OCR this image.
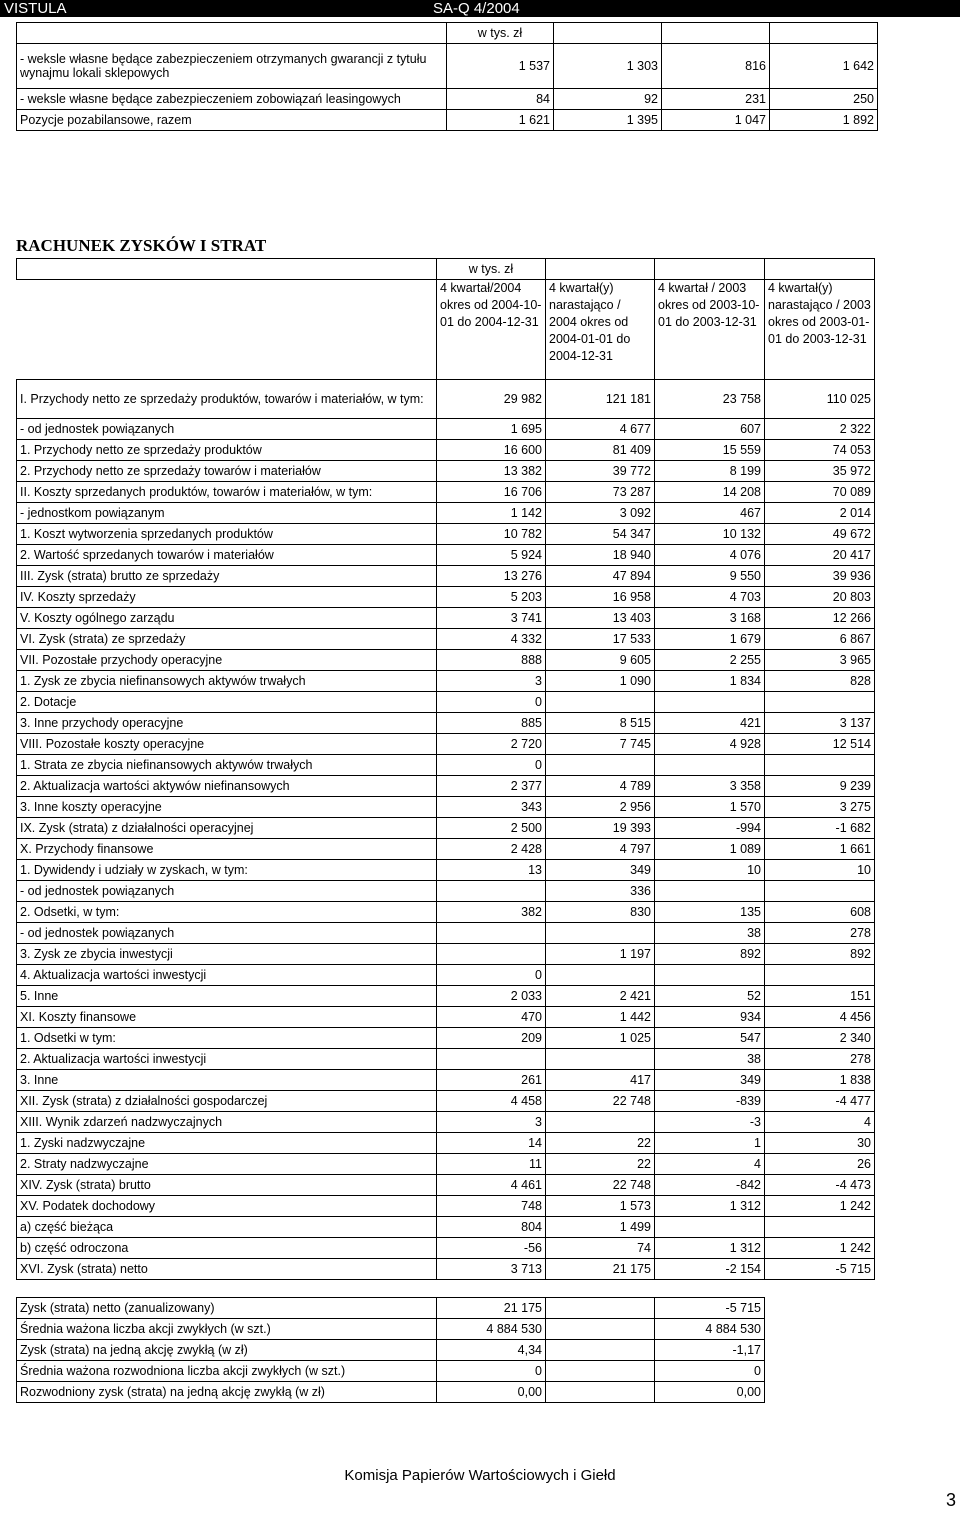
VISTULA	SA-Q 4/2004
	w tys. zł			
- weksle własne będące zabezpieczeniem otrzymanych gwarancji z tytułu wynajmu lokali sklepowych	1 537	1 303	816	1 642
- weksle własne będące zabezpieczeniem zobowiązań leasingowych	84	92	231	250
Pozycje pozabilansowe, razem	1 621	1 395	1 047	1 892
RACHUNEK ZYSKÓW I STRAT
	w tys. zł			
	4 kwartał/2004 okres od 2004-10-01 do 2004-12-31	4 kwartał(y) narastająco / 2004 okres od 2004-01-01 do 2004-12-31	4 kwartał / 2003 okres od 2003-10-01 do 2003-12-31	4 kwartał(y) narastająco / 2003 okres od 2003-01-01 do 2003-12-31
I. Przychody netto ze sprzedaży produktów, towarów i materiałów, w tym:	29 982	121 181	23 758	110 025
- od jednostek powiązanych	1 695	4 677	607	2 322
1. Przychody netto ze sprzedaży produktów	16 600	81 409	15 559	74 053
2. Przychody netto ze sprzedaży towarów i materiałów	13 382	39 772	8 199	35 972
II. Koszty sprzedanych produktów, towarów i materiałów, w tym:	16 706	73 287	14 208	70 089
- jednostkom powiązanym	1 142	3 092	467	2 014
1. Koszt wytworzenia sprzedanych produktów	10 782	54 347	10 132	49 672
2. Wartość sprzedanych towarów i materiałów	5 924	18 940	4 076	20 417
III. Zysk (strata) brutto ze sprzedaży	13 276	47 894	9 550	39 936
IV. Koszty sprzedaży	5 203	16 958	4 703	20 803
V. Koszty ogólnego zarządu	3 741	13 403	3 168	12 266
VI. Zysk (strata) ze sprzedaży	4 332	17 533	1 679	6 867
VII. Pozostałe przychody operacyjne	888	9 605	2 255	3 965
1. Zysk ze zbycia niefinansowych aktywów trwałych	3	1 090	1 834	828
2. Dotacje	0			
3. Inne przychody operacyjne	885	8 515	421	3 137
VIII. Pozostałe koszty operacyjne	2 720	7 745	4 928	12 514
1. Strata ze zbycia niefinansowych aktywów trwałych	0			
2. Aktualizacja wartości aktywów niefinansowych	2 377	4 789	3 358	9 239
3. Inne koszty operacyjne	343	2 956	1 570	3 275
IX. Zysk (strata) z działalności operacyjnej	2 500	19 393	-994	-1 682
X. Przychody finansowe	2 428	4 797	1 089	1 661
1. Dywidendy i udziały w zyskach, w tym:	13	349	10	10
- od jednostek powiązanych		336		
2. Odsetki, w tym:	382	830	135	608
- od jednostek powiązanych			38	278
3. Zysk ze zbycia inwestycji		1 197	892	892
4. Aktualizacja wartości inwestycji	0			
5. Inne	2 033	2 421	52	151
XI. Koszty finansowe	470	1 442	934	4 456
1. Odsetki w tym:	209	1 025	547	2 340
2. Aktualizacja wartości inwestycji			38	278
3. Inne	261	417	349	1 838
XII. Zysk (strata) z działalności gospodarczej	4 458	22 748	-839	-4 477
XIII. Wynik zdarzeń nadzwyczajnych	3		-3	4
1. Zyski nadzwyczajne	14	22	1	30
2. Straty nadzwyczajne	11	22	4	26
XIV. Zysk (strata) brutto	4 461	22 748	-842	-4 473
XV. Podatek dochodowy	748	1 573	1 312	1 242
a) część bieżąca	804	1 499		
b) część odroczona	-56	74	1 312	1 242
XVI. Zysk (strata) netto	3 713	21 175	-2 154	-5 715
Zysk (strata) netto (zanualizowany)	21 175		-5 715
Średnia ważona liczba akcji zwykłych (w szt.)	4 884 530		4 884 530
Zysk (strata) na jedną akcję zwykłą (w zł)	4,34		-1,17
Średnia ważona rozwodniona liczba akcji zwykłych (w szt.)	0		0
Rozwodniony zysk (strata) na jedną akcję zwykłą (w zł)	0,00		0,00
Komisja Papierów Wartościowych i Giełd
3
